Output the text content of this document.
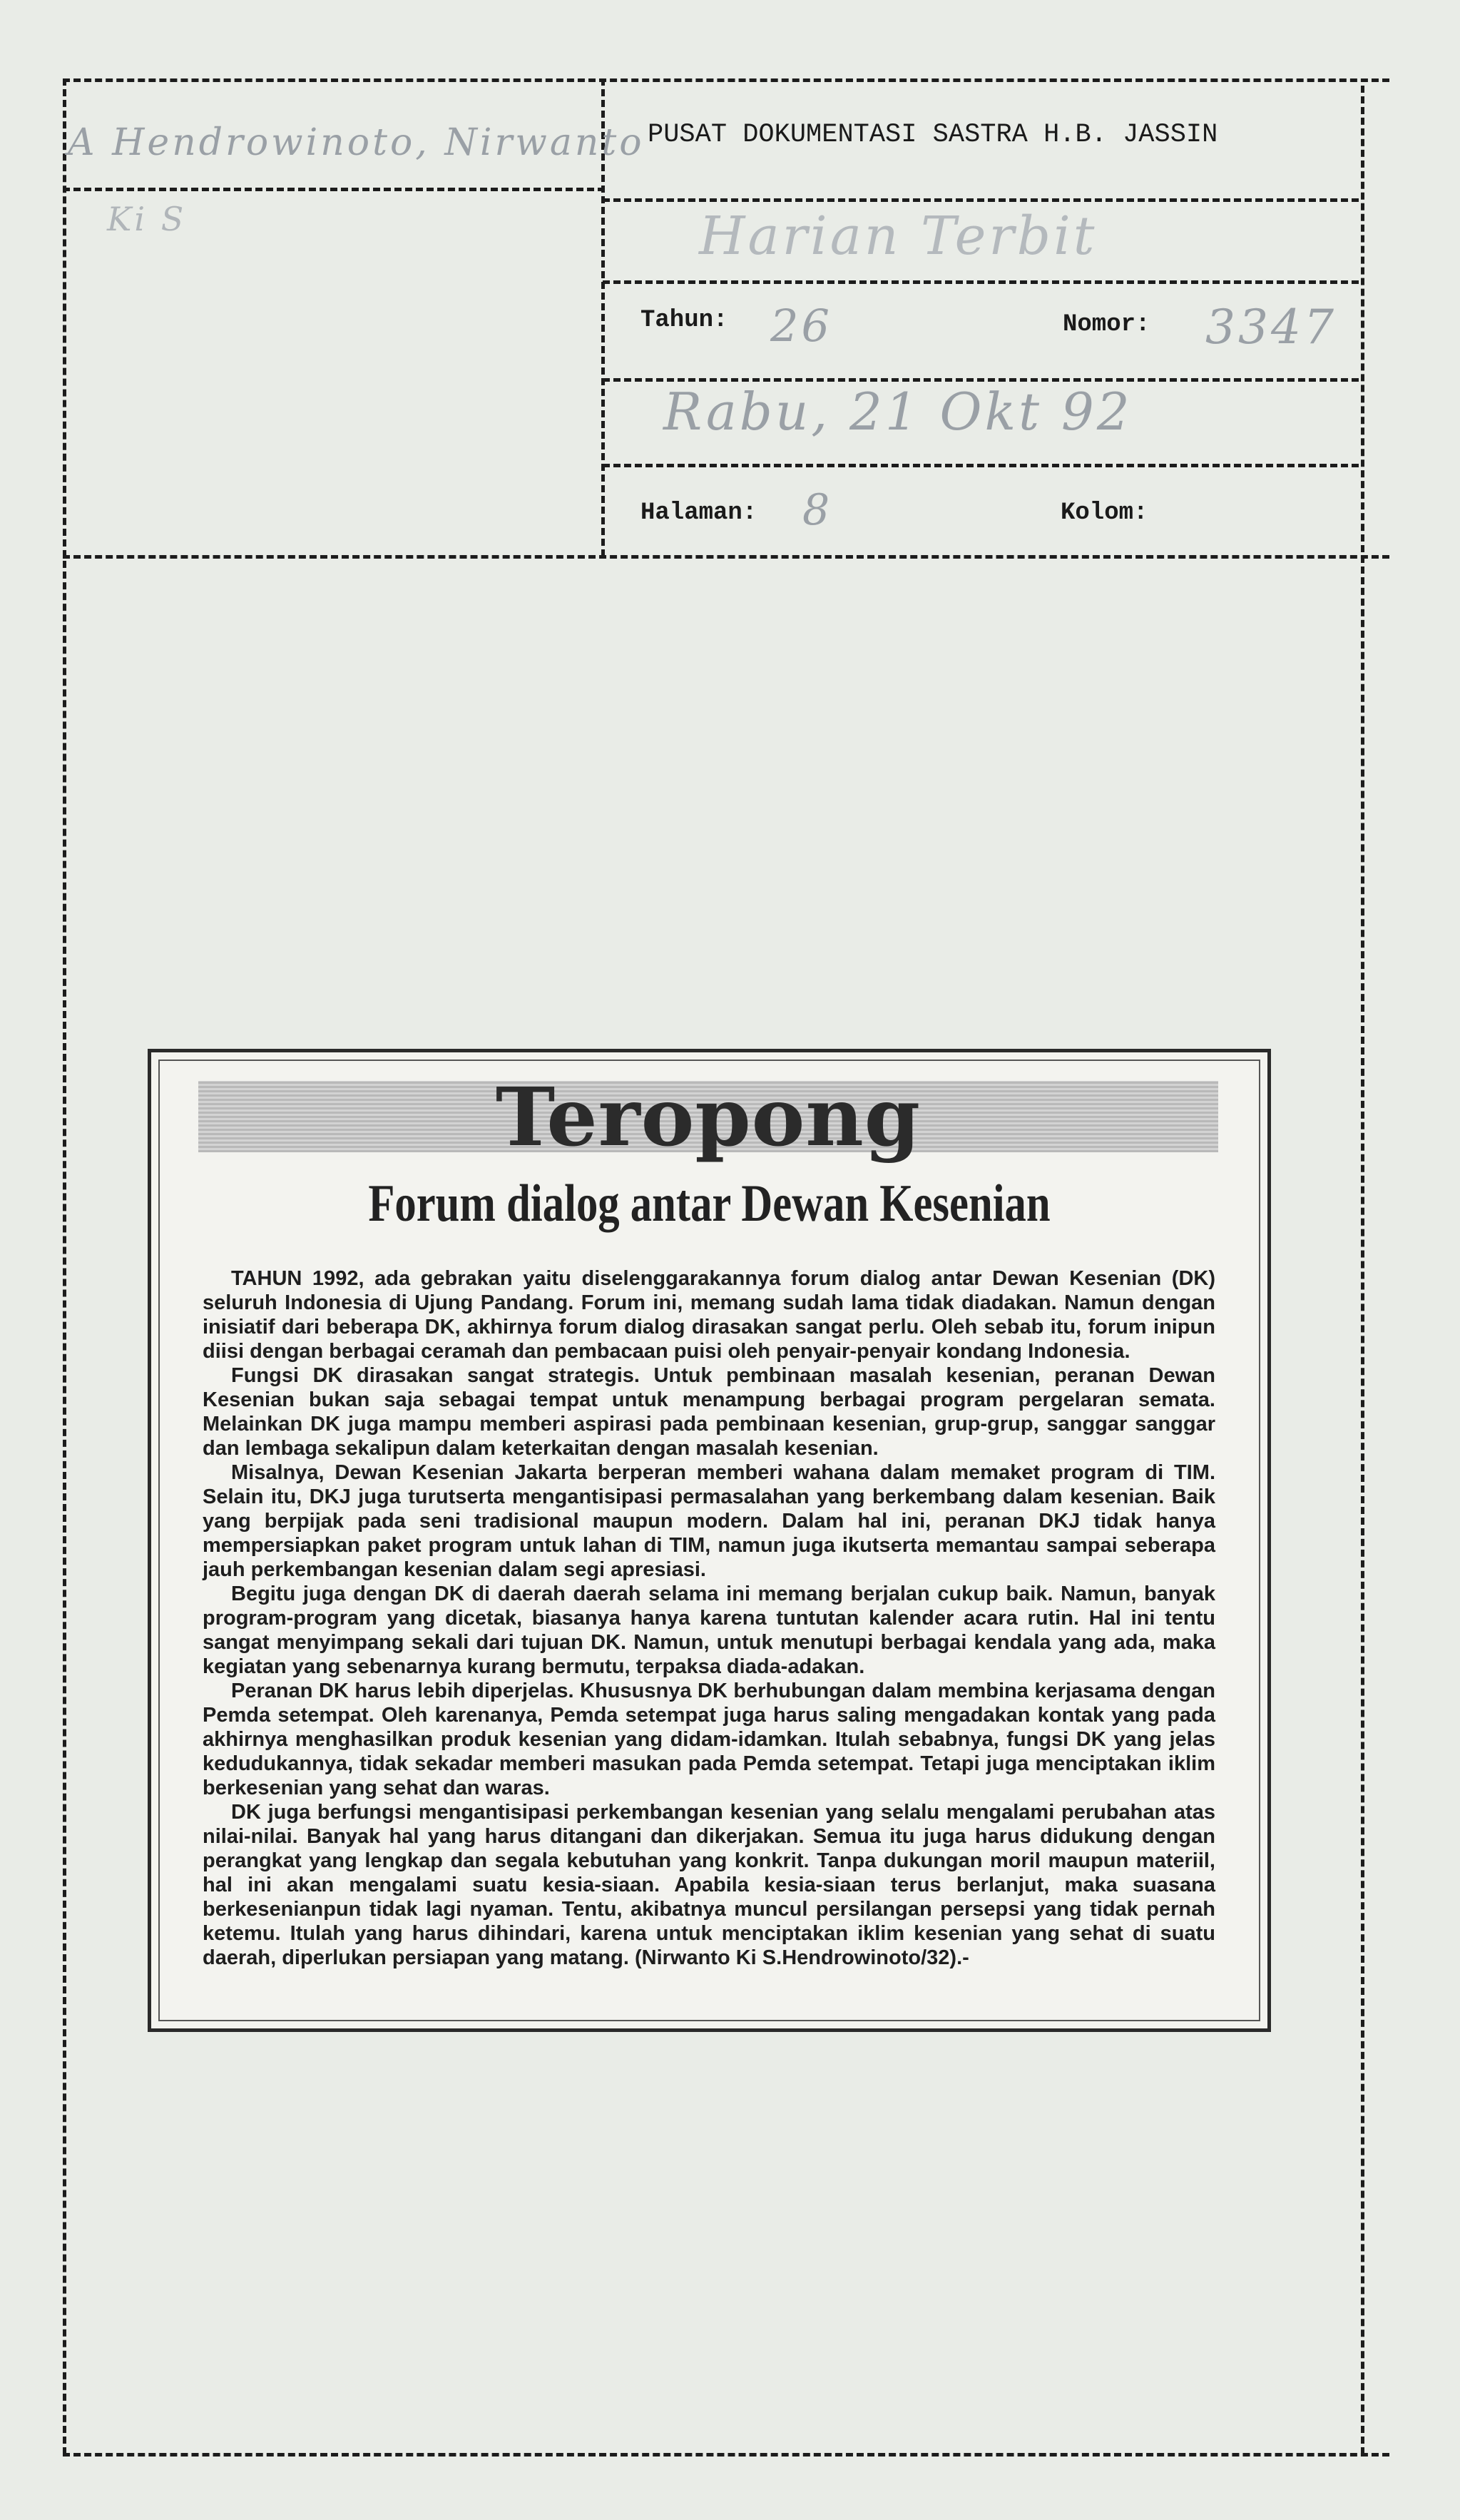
A Hendrowinoto, Nirwanto
Ki S
PUSAT DOKUMENTASI SASTRA H.B. JASSIN
Harian Terbit
Tahun: 26	Nomor: 3347
Rabu, 21 Okt 92
Halaman: 8	Kolom:
Teropong
Forum dialog antar Dewan Kesenian

TAHUN 1992, ada gebrakan yaitu diselenggarakannya forum dialog antar Dewan Kesenian (DK) seluruh Indonesia di Ujung Pandang. Forum ini, memang sudah lama tidak diadakan. Namun dengan inisiatif dari beberapa DK, akhirnya forum dialog dirasakan sangat perlu. Oleh sebab itu, forum inipun diisi dengan berbagai ceramah dan pembacaan puisi oleh penyair-penyair kondang Indonesia.

Fungsi DK dirasakan sangat strategis. Untuk pembinaan masalah kesenian, peranan Dewan Kesenian bukan saja sebagai tempat untuk menampung berbagai program pergelaran semata. Melainkan DK juga mampu memberi aspirasi pada pembinaan kesenian, grup-grup, sanggar sanggar dan lembaga sekalipun dalam keterkaitan dengan masalah kesenian.

Misalnya, Dewan Kesenian Jakarta berperan memberi wahana dalam memaket program di TIM. Selain itu, DKJ juga turutserta mengantisipasi permasalahan yang berkembang dalam kesenian. Baik yang berpijak pada seni tradisional maupun modern. Dalam hal ini, peranan DKJ tidak hanya mempersiapkan paket program untuk lahan di TIM, namun juga ikutserta memantau sampai seberapa jauh perkembangan kesenian dalam segi apresiasi.

Begitu juga dengan DK di daerah daerah selama ini memang berjalan cukup baik. Namun, banyak program-program yang dicetak, biasanya hanya karena tuntutan kalender acara rutin. Hal ini tentu sangat menyimpang sekali dari tujuan DK. Namun, untuk menutupi berbagai kendala yang ada, maka kegiatan yang sebenarnya kurang bermutu, terpaksa diada-adakan.

Peranan DK harus lebih diperjelas. Khususnya DK berhubungan dalam membina kerjasama dengan Pemda setempat. Oleh karenanya, Pemda setempat juga harus saling mengadakan kontak yang pada akhirnya menghasilkan produk kesenian yang didam-idamkan. Itulah sebabnya, fungsi DK yang jelas kedudukannya, tidak sekadar memberi masukan pada Pemda setempat. Tetapi juga menciptakan iklim berkesenian yang sehat dan waras.

DK juga berfungsi mengantisipasi perkembangan kesenian yang selalu mengalami perubahan atas nilai-nilai. Banyak hal yang harus ditangani dan dikerjakan. Semua itu juga harus didukung dengan perangkat yang lengkap dan segala kebutuhan yang konkrit. Tanpa dukungan moril maupun materiil, hal ini akan mengalami suatu kesia-siaan. Apabila kesia-siaan terus berlanjut, maka suasana berkesenianpun tidak lagi nyaman. Tentu, akibatnya muncul persilangan persepsi yang tidak pernah ketemu. Itulah yang harus dihindari, karena untuk menciptakan iklim kesenian yang sehat di suatu daerah, diperlukan persiapan yang matang. (Nirwanto Ki S.Hendrowinoto/32).-
